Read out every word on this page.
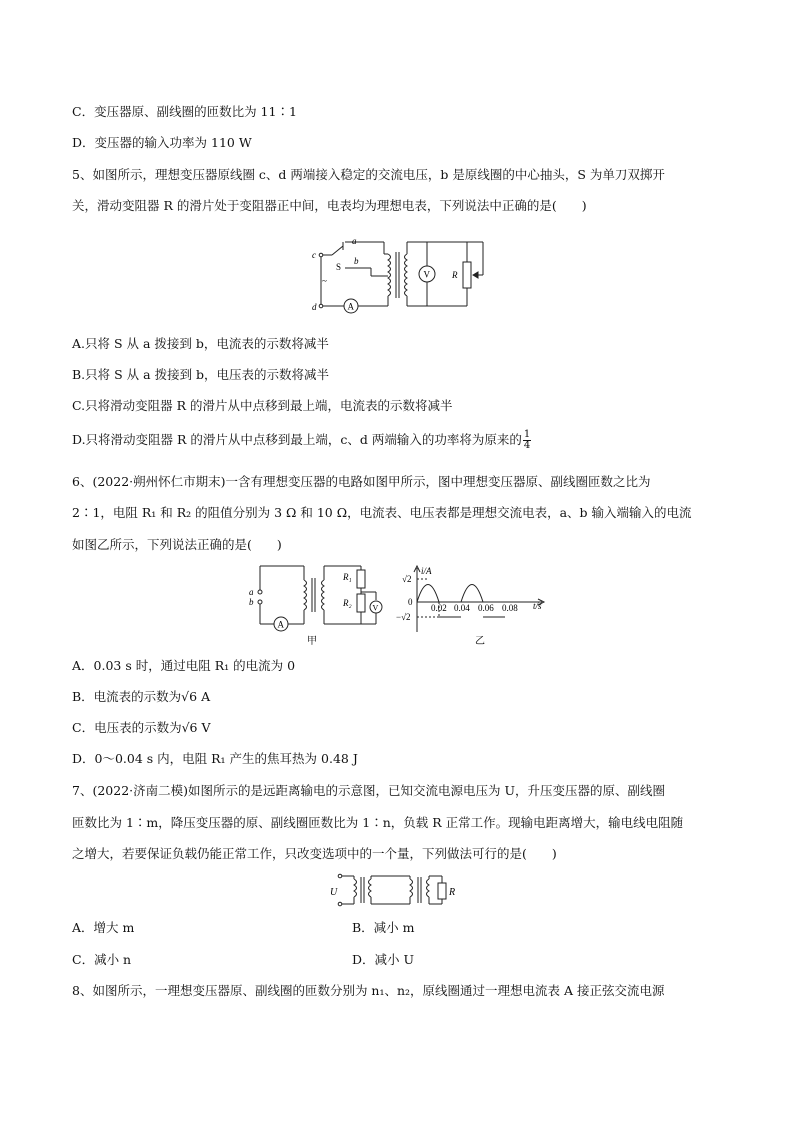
C．变压器原、副线圈的匝数比为 11∶1
D．变压器的输入功率为 110 W
5、如图所示，理想变压器原线圈 c、d 两端接入稳定的交流电压，b 是原线圈的中心抽头，S 为单刀双掷开
关，滑动变阻器 R 的滑片处于变阻器正中间，电表均为理想电表，下列说法中正确的是(　　)
c
d
~
a
b
S
A
V R
A.只将 S 从 a 拨接到 b，电流表的示数将减半
B.只将 S 从 a 拨接到 b，电压表的示数将减半
C.只将滑动变阻器 R 的滑片从中点移到最上端，电流表的示数将减半
D.只将滑动变阻器 R 的滑片从中点移到最上端，c、d 两端输入的功率将为原来的 $\frac{1}{4}$
6、(2022·朔州怀仁市期末)一含有理想变压器的电路如图甲所示，图中理想变压器原、副线圈匝数之比为
2∶1，电阻 R₁ 和 R₂ 的阻值分别为 3 Ω 和 10 Ω，电流表、电压表都是理想交流电表，a、b 输入端输入的电流
如图乙所示，下列说法正确的是(　　)
a
b
R₁
R₂
A
V
甲
i/A
t/s
√2
−√2
0
0.02 0.04 0.06 0.08
乙
A．0.03 s 时，通过电阻 R₁ 的电流为 0
B．电流表的示数为√6 A
C．电压表的示数为√6 V
D．0～0.04 s 内，电阻 R₁ 产生的焦耳热为 0.48 J
7、(2022·济南二模)如图所示的是远距离输电的示意图，已知交流电源电压为 U，升压变压器的原、副线圈
匝数比为 1∶m，降压变压器的原、副线圈匝数比为 1∶n，负载 R 正常工作。现输电距离增大，输电线电阻随
之增大，若要保证负载仍能正常工作，只改变选项中的一个量，下列做法可行的是(　　)
U	R
A．增大 m	B．减小 m
C．减小 n	D．减小 U
8、如图所示，一理想变压器原、副线圈的匝数分别为 n₁、n₂，原线圈通过一理想电流表 A 接正弦交流电源
